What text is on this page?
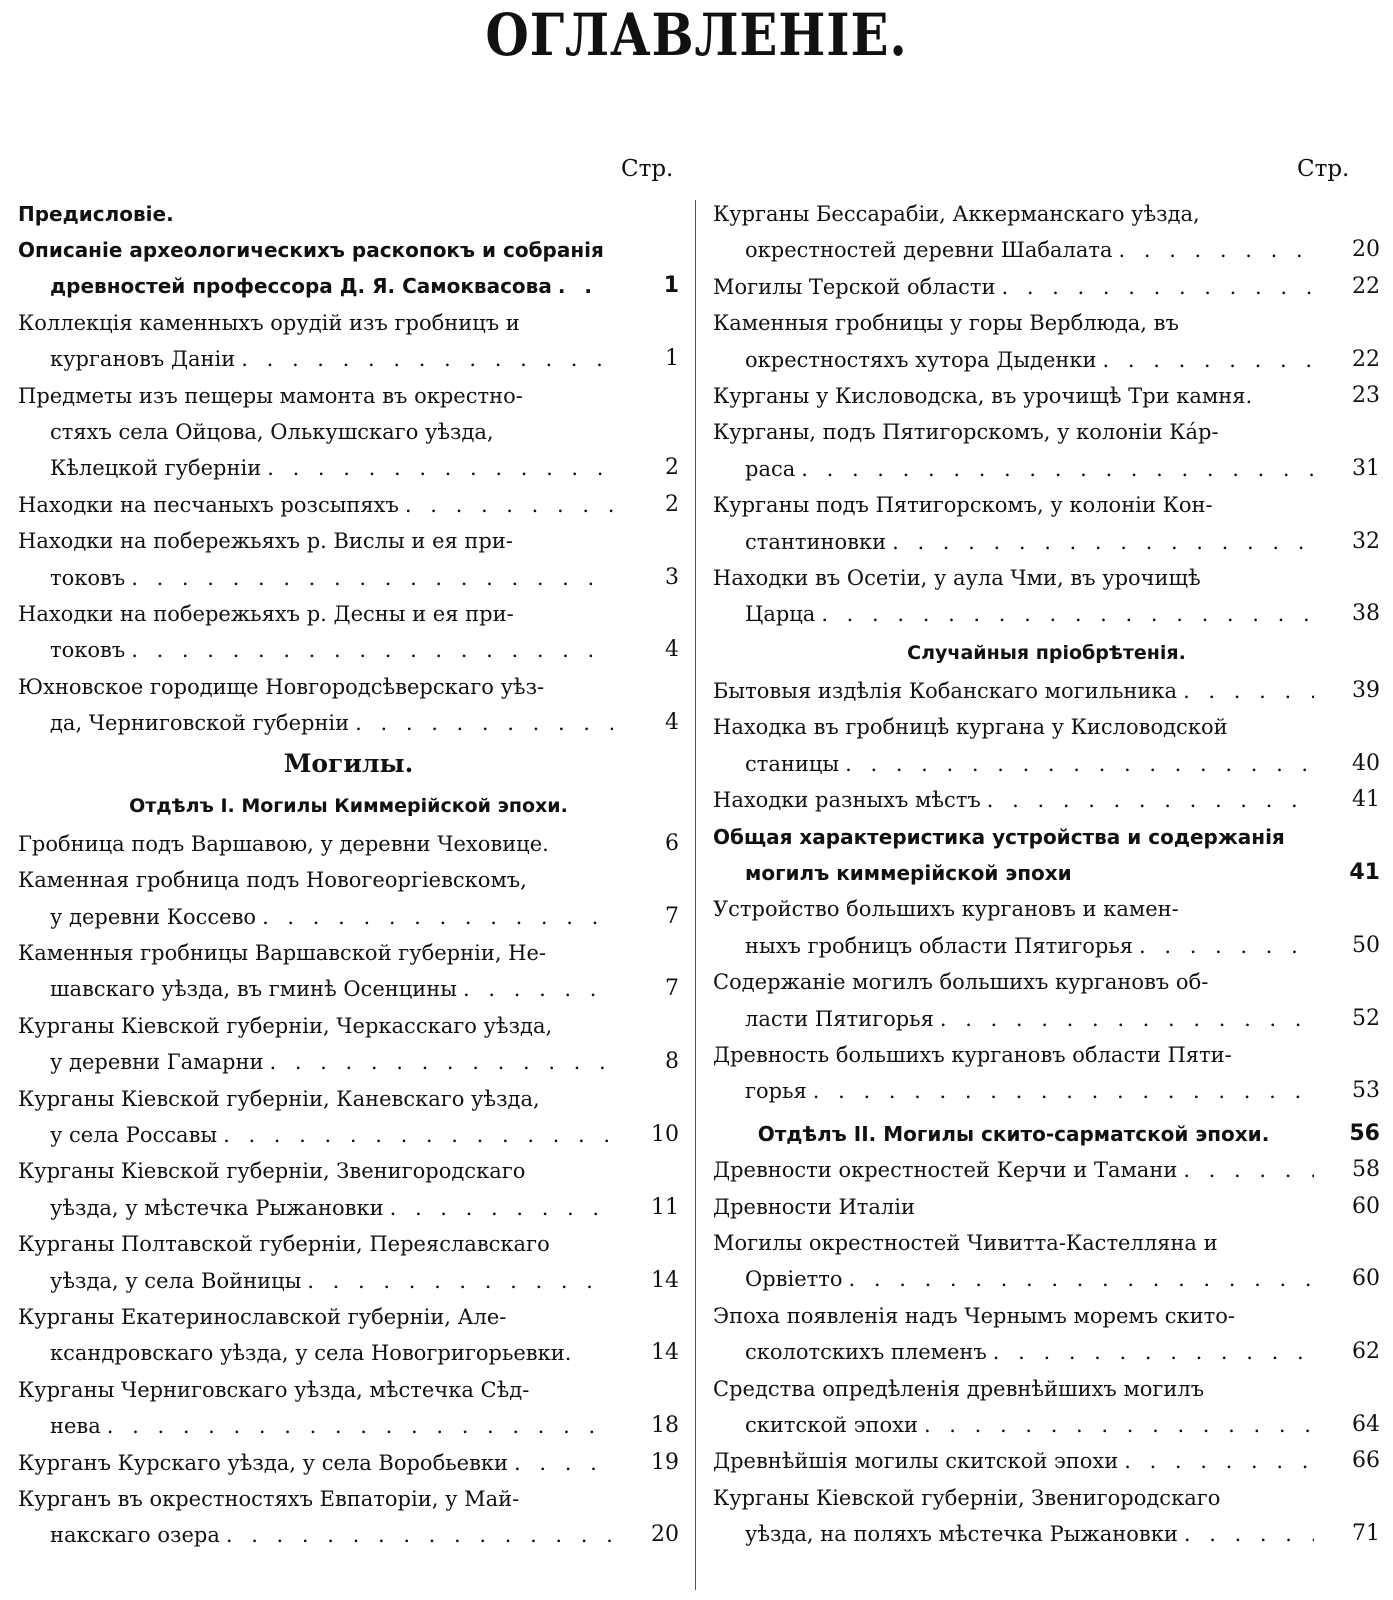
ОГЛАВЛЕНIЕ.
Стр.	Стр.
Предисловiе.
Описанiе археологическихъ раскопокъ и собранiя
древностей профессора Д. Я. Самоквасова . . .	1
Коллекцiя каменныхъ орудiй изъ гробницъ и
кургановъ Данiи . . .	1
Предметы изъ пещеры мамонта въ окрестно-
стяхъ села Ойцова, Олькушскаго уѣзда,
Кѣлецкой губернiи . . .	2
Находки на песчаныхъ розсыпяхъ . . .	2
Находки на побережьяхъ р. Вислы и ея при-
токовъ . . .	3
Находки на побережьяхъ р. Десны и ея при-
токовъ . . .	4
Юхновское городище Новгородсѣверскаго уѣз-
да, Черниговской губернiи . . .	4
Могилы.
Отдѣлъ I. Могилы Киммерiйской эпохи.
Гробница подъ Варшавою, у деревни Чеховице.	6
Каменная гробница подъ Новогеоргiевскомъ,
у деревни Коссево . . .	7
Каменныя гробницы Варшавской губернiи, Не-
шавскаго уѣзда, въ гминѣ Осенцины . . .	7
Курганы Кiевской губернiи, Черкасскаго уѣзда,
у деревни Гамарни . . .	8
Курганы Кiевской губернiи, Каневскаго уѣзда,
у села Россавы . . .	10
Курганы Кiевской губернiи, Звенигородскаго
уѣзда, у мѣстечка Рыжановки . . .	11
Курганы Полтавской губернiи, Переяславскаго
уѣзда, у села Войницы . . .	14
Курганы Екатеринославской губернiи, Але-
ксандровскаго уѣзда, у села Новогригорьевки.	14
Курганы Черниговскаго уѣзда, мѣстечка Сѣд-
нева . . .	18
Курганъ Курскаго уѣзда, у села Воробьевки . . .	19
Курганъ въ окрестностяхъ Евпаторiи, у Май-
накскаго озера . . .	20
Курганы Бессарабiи, Аккерманскаго уѣзда,
окрестностей деревни Шабалата . . .	20
Могилы Терской области . . .	22
Каменныя гробницы у горы Верблюда, въ
окрестностяхъ хутора Дыденки . . .	22
Курганы у Кисловодска, въ урочищѣ Три камня.	23
Курганы, подъ Пятигорскомъ, у колонiи Кáр-
раса . . .	31
Курганы подъ Пятигорскомъ, у колонiи Кон-
стантиновки . . .	32
Находки въ Осетiи, у аула Чми, въ урочищѣ
Царца . . .	38
Случайныя прiобрѣтенiя.
Бытовыя издѣлiя Кобанскаго могильника . . .	39
Находка въ гробницѣ кургана у Кисловодской
станицы . . .	40
Находки разныхъ мѣстъ . . .	41
Общая характеристика устройства и содержанiя
могилъ киммерiйской эпохи	41
Устройство большихъ кургановъ и камен-
ныхъ гробницъ области Пятигорья . . .	50
Содержанiе могилъ большихъ кургановъ об-
ласти Пятигорья . . .	52
Древность большихъ кургановъ области Пяти-
горья . . .	53
Отдѣлъ II. Могилы скито-сарматской эпохи.	56
Древности окрестностей Керчи и Тамани . . .	58
Древности Италiи	60
Могилы окрестностей Чивитта-Кастелляна и
Орвiетто . . .	60
Эпоха появленiя надъ Чернымъ моремъ скито-
сколотскихъ племенъ . . .	62
Средства опредѣленiя древнѣйшихъ могилъ
скитской эпохи . . .	64
Древнѣйшiя могилы скитской эпохи . . .	66
Курганы Кiевской губернiи, Звенигородскаго
уѣзда, на поляхъ мѣстечка Рыжановки . . .	71
